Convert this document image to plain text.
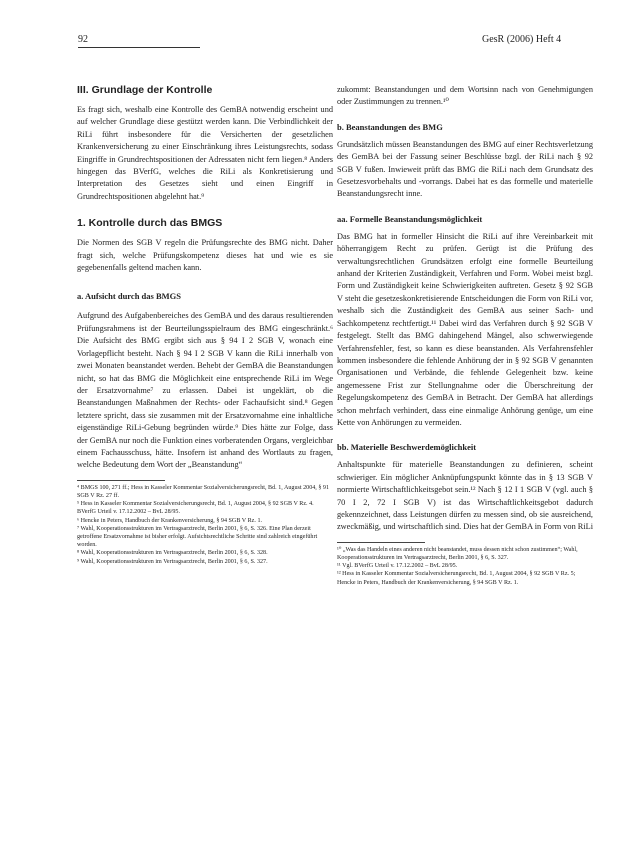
92	GesR (2006) Heft 4
III. Grundlage der Kontrolle

Es fragt sich, weshalb eine Kontrolle des GemBA notwendig erscheint und auf welcher Grundlage diese gestützt werden kann. Die Verbindlichkeit der RiLi führt insbesondere für die Versicherten der gesetzlichen Krankenversicherung zu einer Einschränkung ihres Leistungsrechts, sodass Eingriffe in Grundrechtspositionen der Adressaten nicht fern liegen.⁸ Anders hingegen das BVerfG, welches die RiLi als Konkretisierung und Interpretation des Gesetzes sieht und einen Eingriff in Grundrechtspositionen abgelehnt hat.⁹

1. Kontrolle durch das BMGS

Die Normen des SGB V regeln die Prüfungsrechte des BMG nicht. Daher fragt sich, welche Prüfungskompetenz dieses hat und wie es sie gegebenenfalls geltend machen kann.

a. Aufsicht durch das BMGS

Aufgrund des Aufgabenbereiches des GemBA und des daraus resultierenden Prüfungsrahmens ist der Beurteilungsspielraum des BMG eingeschränkt.⁶ Die Aufsicht des BMG ergibt sich aus § 94 I 2 SGB V, wonach eine Vorlagepflicht besteht. Nach § 94 I 2 SGB V kann die RiLi innerhalb von zwei Monaten beanstandet werden. Behebt der GemBA die Beanstandungen nicht, so hat das BMG die Möglichkeit eine entsprechende RiLi im Wege der Ersatzvornahme⁷ zu erlassen. Dabei ist ungeklärt, ob die Beanstandungen Maßnahmen der Rechts- oder Fachaufsicht sind.⁸ Gegen letztere spricht, dass sie zusammen mit der Ersatzvornahme eine inhaltliche eigenständige RiLi-Gebung begründen würde.⁹ Dies hätte zur Folge, dass der GemBA nur noch die Funktion eines vorberatenden Organs, vergleichbar einem Fachausschuss, hätte. Insofern ist anhand des Wortlauts zu fragen, welche Bedeutung dem Wort der „Beanstandung“

⁴ BMGS 100, 271 ff.; Hess in Kasseler Kommentar Sozialversicherungsrecht, Bd. 1, August 2004, § 91 SGB V Rz. 27 ff.

⁵ Hess in Kasseler Kommentar Sozialversicherungsrecht, Bd. 1, August 2004, § 92 SGB V Rz. 4. BVerfG Urteil v. 17.12.2002 – BvL 28/95.

⁶ Hencke in Peters, Handbuch der Krankenversicherung, § 94 SGB V Rz. 1.

⁷ Wahl, Kooperationsstrukturen im Vertragsarztrecht, Berlin 2001, § 6, S. 326. Eine Plan derzeit getroffene Ersatzvornahme ist bisher erfolgt. Aufsichtsrechtliche Schritte sind zahlreich eingeführt worden.

⁸ Wahl, Kooperationsstrukturen im Vertragsarztrecht, Berlin 2001, § 6, S. 328.

⁹ Wahl, Kooperationsstrukturen im Vertragsarztrecht, Berlin 2001, § 6, S. 327.

zukommt: Beanstandungen und dem Wortsinn nach von Genehmigungen oder Zustimmungen zu trennen.¹⁰

b. Beanstandungen des BMG

Grundsätzlich müssen Beanstandungen des BMG auf einer Rechtsverletzung des GemBA bei der Fassung seiner Beschlüsse bzgl. der RiLi nach § 92 SGB V fußen. Inwieweit prüft das BMG die RiLi nach dem Grundsatz des Gesetzesvorbehalts und -vorrangs. Dabei hat es das formelle und materielle Beanstandungsrecht inne.

aa. Formelle Beanstandungsmöglichkeit

Das BMG hat in formeller Hinsicht die RiLi auf ihre Vereinbarkeit mit höherrangigem Recht zu prüfen. Gerügt ist die Prüfung des verwaltungsrechtlichen Grundsätzen erfolgt eine formelle Beurteilung anhand der Kriterien Zuständigkeit, Verfahren und Form. Wobei meist bzgl. Form und Zuständigkeit keine Schwierigkeiten auftreten. Gesetz § 92 SGB V steht die gesetzeskonkretisierende Entscheidungen die Form von RiLi vor, weshalb sich die Zuständigkeit des GemBA aus seiner Sach- und Sachkompetenz rechtfertigt.¹¹ Dabei wird das Verfahren durch § 92 SGB V festgelegt. Stellt das BMG dahingehend Mängel, also schwerwiegende Verfahrensfehler, fest, so kann es diese beanstanden. Als Verfahrensfehler kommen insbesondere die fehlende Anhörung der in § 92 SGB V genannten Organisationen und Verbände, die fehlende Gelegenheit bzw. keine angemessene Frist zur Stellungnahme oder die Überschreitung der Regelungskompetenz des GemBA in Betracht. Der GemBA hat allerdings schon mehrfach verhindert, dass eine einmalige Anhörung genüge, um eine Kette von Anhörungen zu vermeiden.

bb. Materielle Beschwerdemöglichkeit

Anhaltspunkte für materielle Beanstandungen zu definieren, scheint schwieriger. Ein möglicher Anknüpfungspunkt könnte das in § 13 SGB V normierte Wirtschaftlichkeitsgebot sein.¹² Nach § 12 I 1 SGB V (vgl. auch § 70 I 2, 72 I SGB V) ist das Wirtschaftlichkeitsgebot dadurch gekennzeichnet, dass Leistungen dürfen zu messen sind, ob sie ausreichend, zweckmäßig, und wirtschaftlich sind. Dies hat der GemBA in Form von RiLi

¹⁰ „Was das Handeln eines anderen nicht beanstandet, muss dessen nicht schon zustimmen“; Wahl, Kooperationsstrukturen im Vertragsarztrecht, Berlin 2001, § 6, S. 327.

¹¹ Vgl. BVerfG Urteil v. 17.12.2002 – BvL 28/95.

¹² Hess in Kasseler Kommentar Sozialversicherungsrecht, Bd. 1, August 2004, § 92 SGB V Rz. 5; Hencke in Peters, Handbuch der Krankenversicherung, § 94 SGB V Rz. 1.
